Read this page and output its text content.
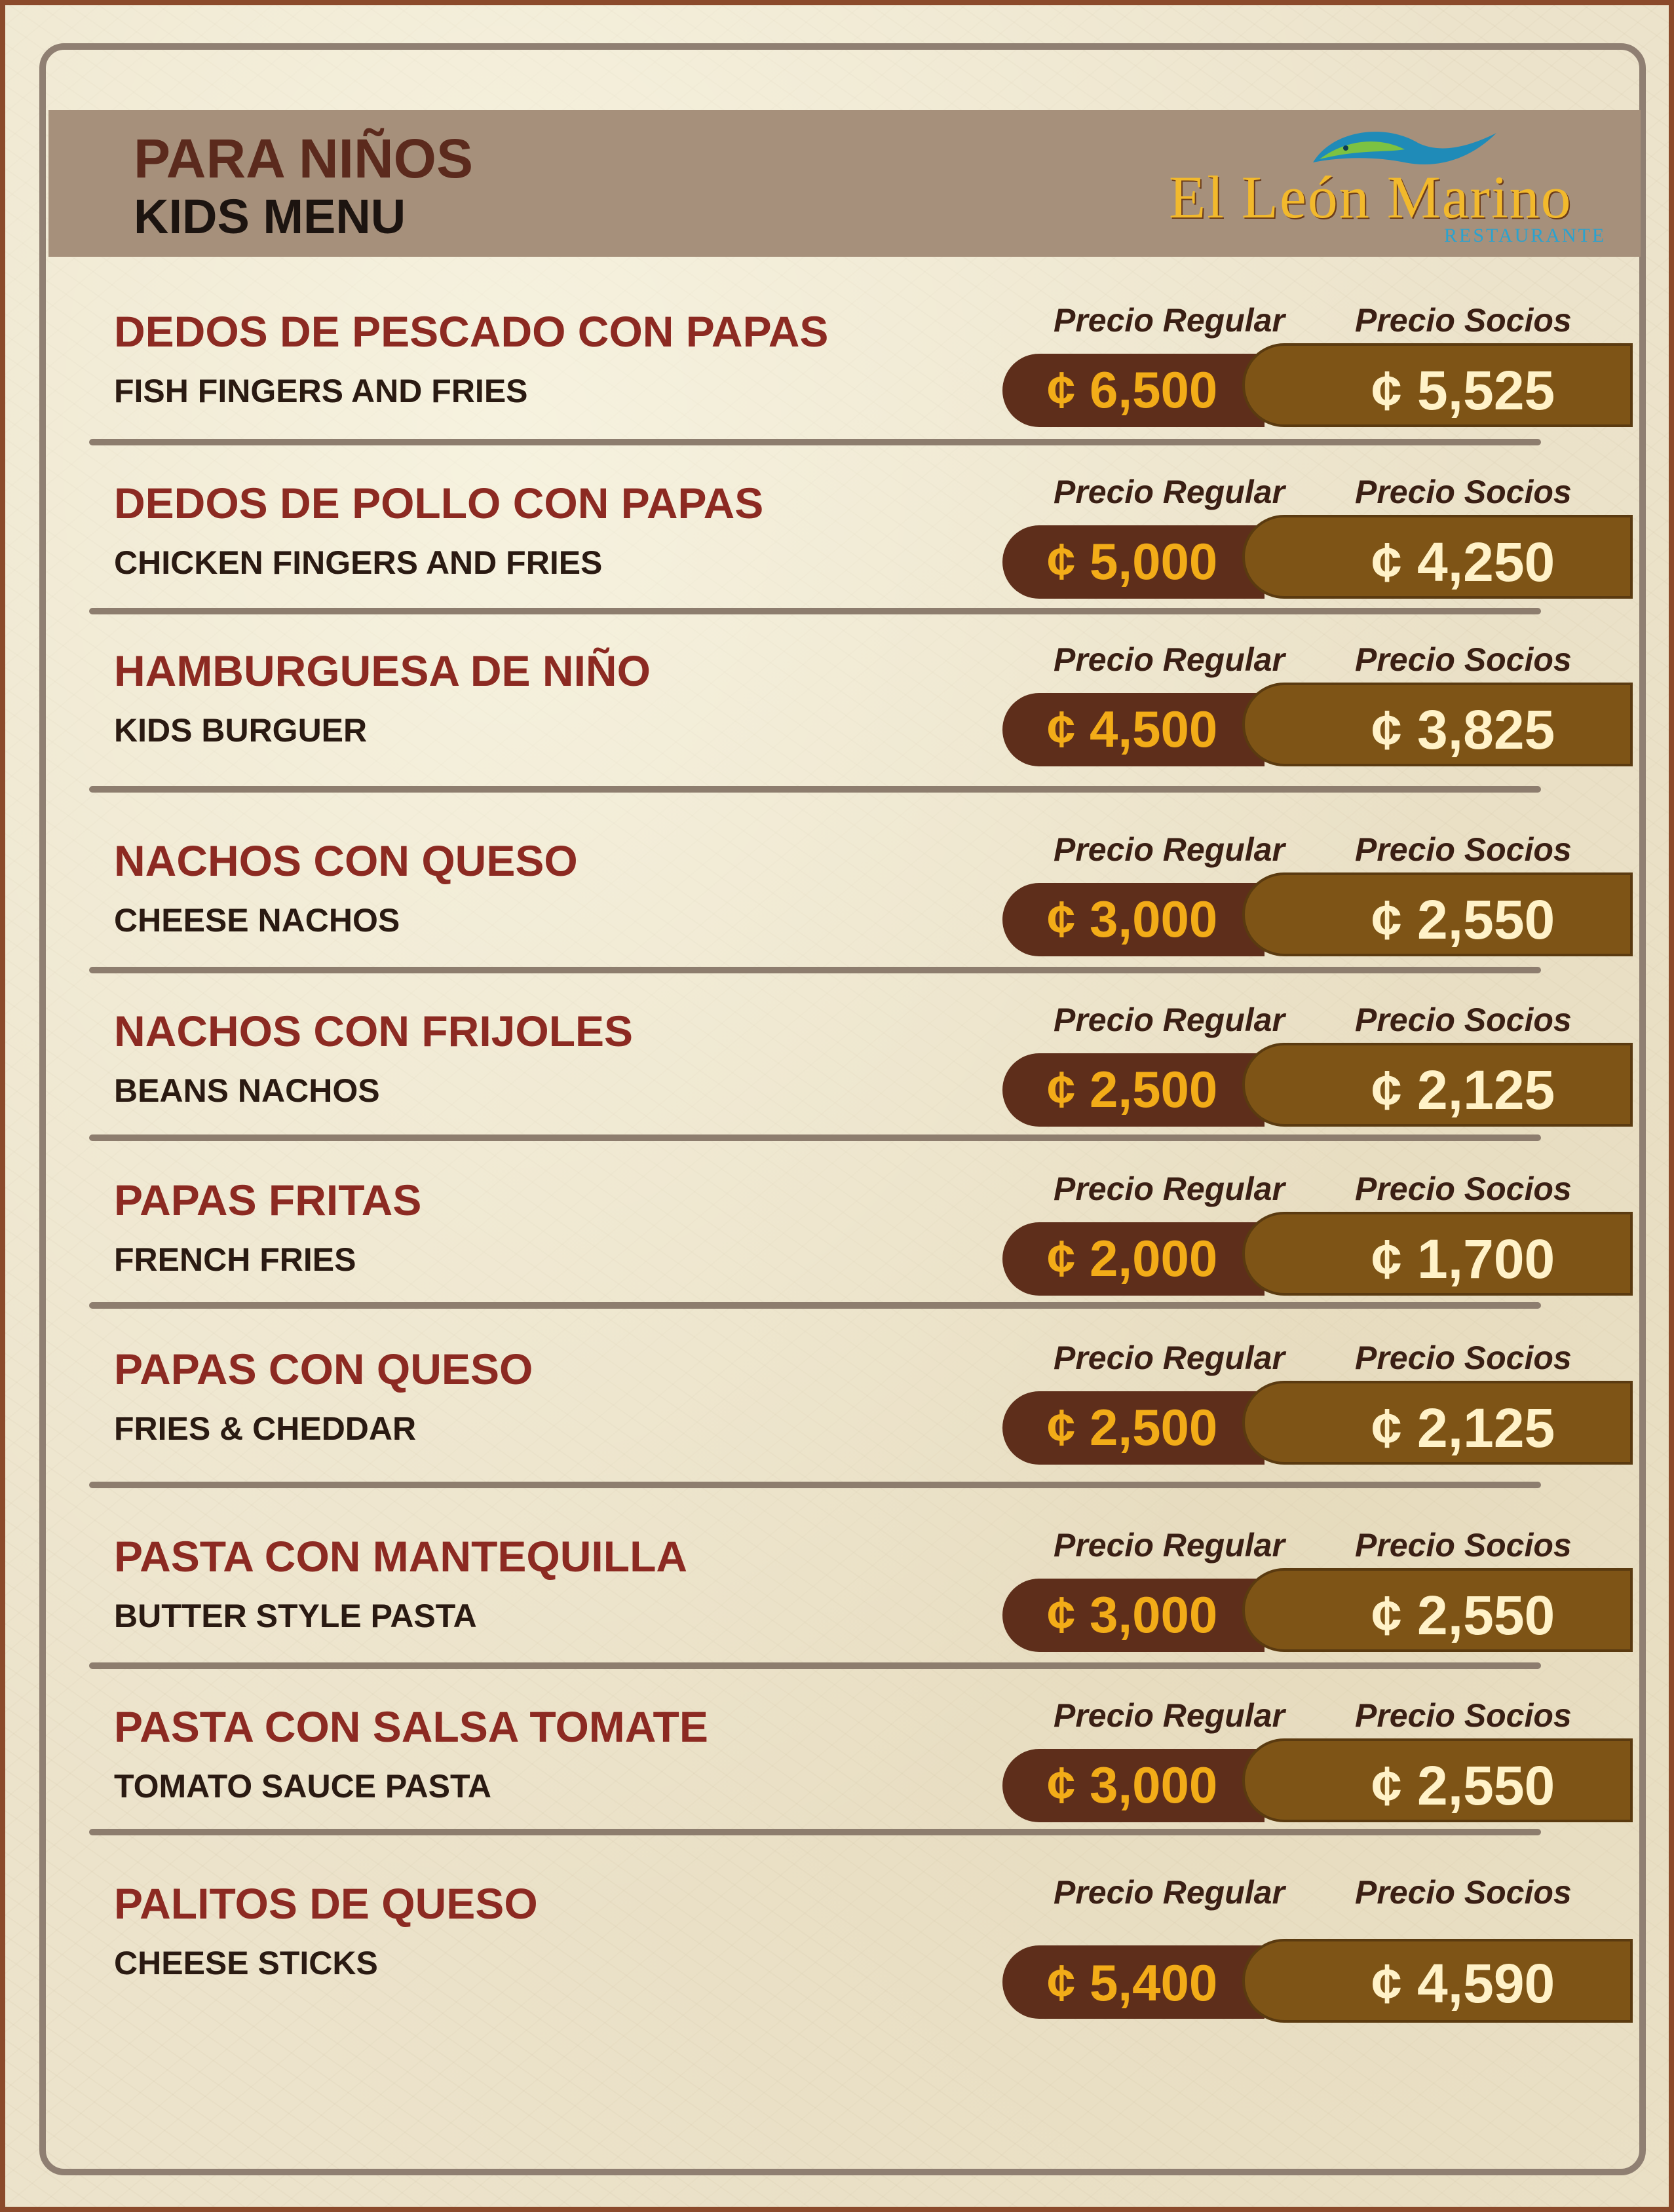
PARA NIÑOS
KIDS MENU	El León Marino
RESTAURANTE
DEDOS DE PESCADO CON PAPAS
FISH FINGERS AND FRIES
Precio Regular Precio Socios
¢ 6,500	¢ 5,525
DEDOS DE POLLO CON PAPAS
CHICKEN FINGERS AND FRIES
Precio Regular Precio Socios
¢ 5,000	¢ 4,250
HAMBURGUESA DE NIÑO
KIDS BURGUER
Precio Regular Precio Socios
¢ 4,500	¢ 3,825
NACHOS CON QUESO
CHEESE NACHOS
Precio Regular Precio Socios
¢ 3,000	¢ 2,550
NACHOS CON FRIJOLES
BEANS NACHOS
Precio Regular Precio Socios
¢ 2,500	¢ 2,125
PAPAS FRITAS
FRENCH FRIES
Precio Regular Precio Socios
¢ 2,000	¢ 1,700
PAPAS CON QUESO
FRIES & CHEDDAR
Precio Regular Precio Socios
¢ 2,500	¢ 2,125
PASTA CON MANTEQUILLA
BUTTER STYLE PASTA
Precio Regular Precio Socios
¢ 3,000	¢ 2,550
PASTA CON SALSA TOMATE
TOMATO SAUCE PASTA
Precio Regular Precio Socios
¢ 3,000	¢ 2,550
PALITOS DE QUESO
CHEESE STICKS
Precio Regular Precio Socios
¢ 5,400	¢ 4,590
